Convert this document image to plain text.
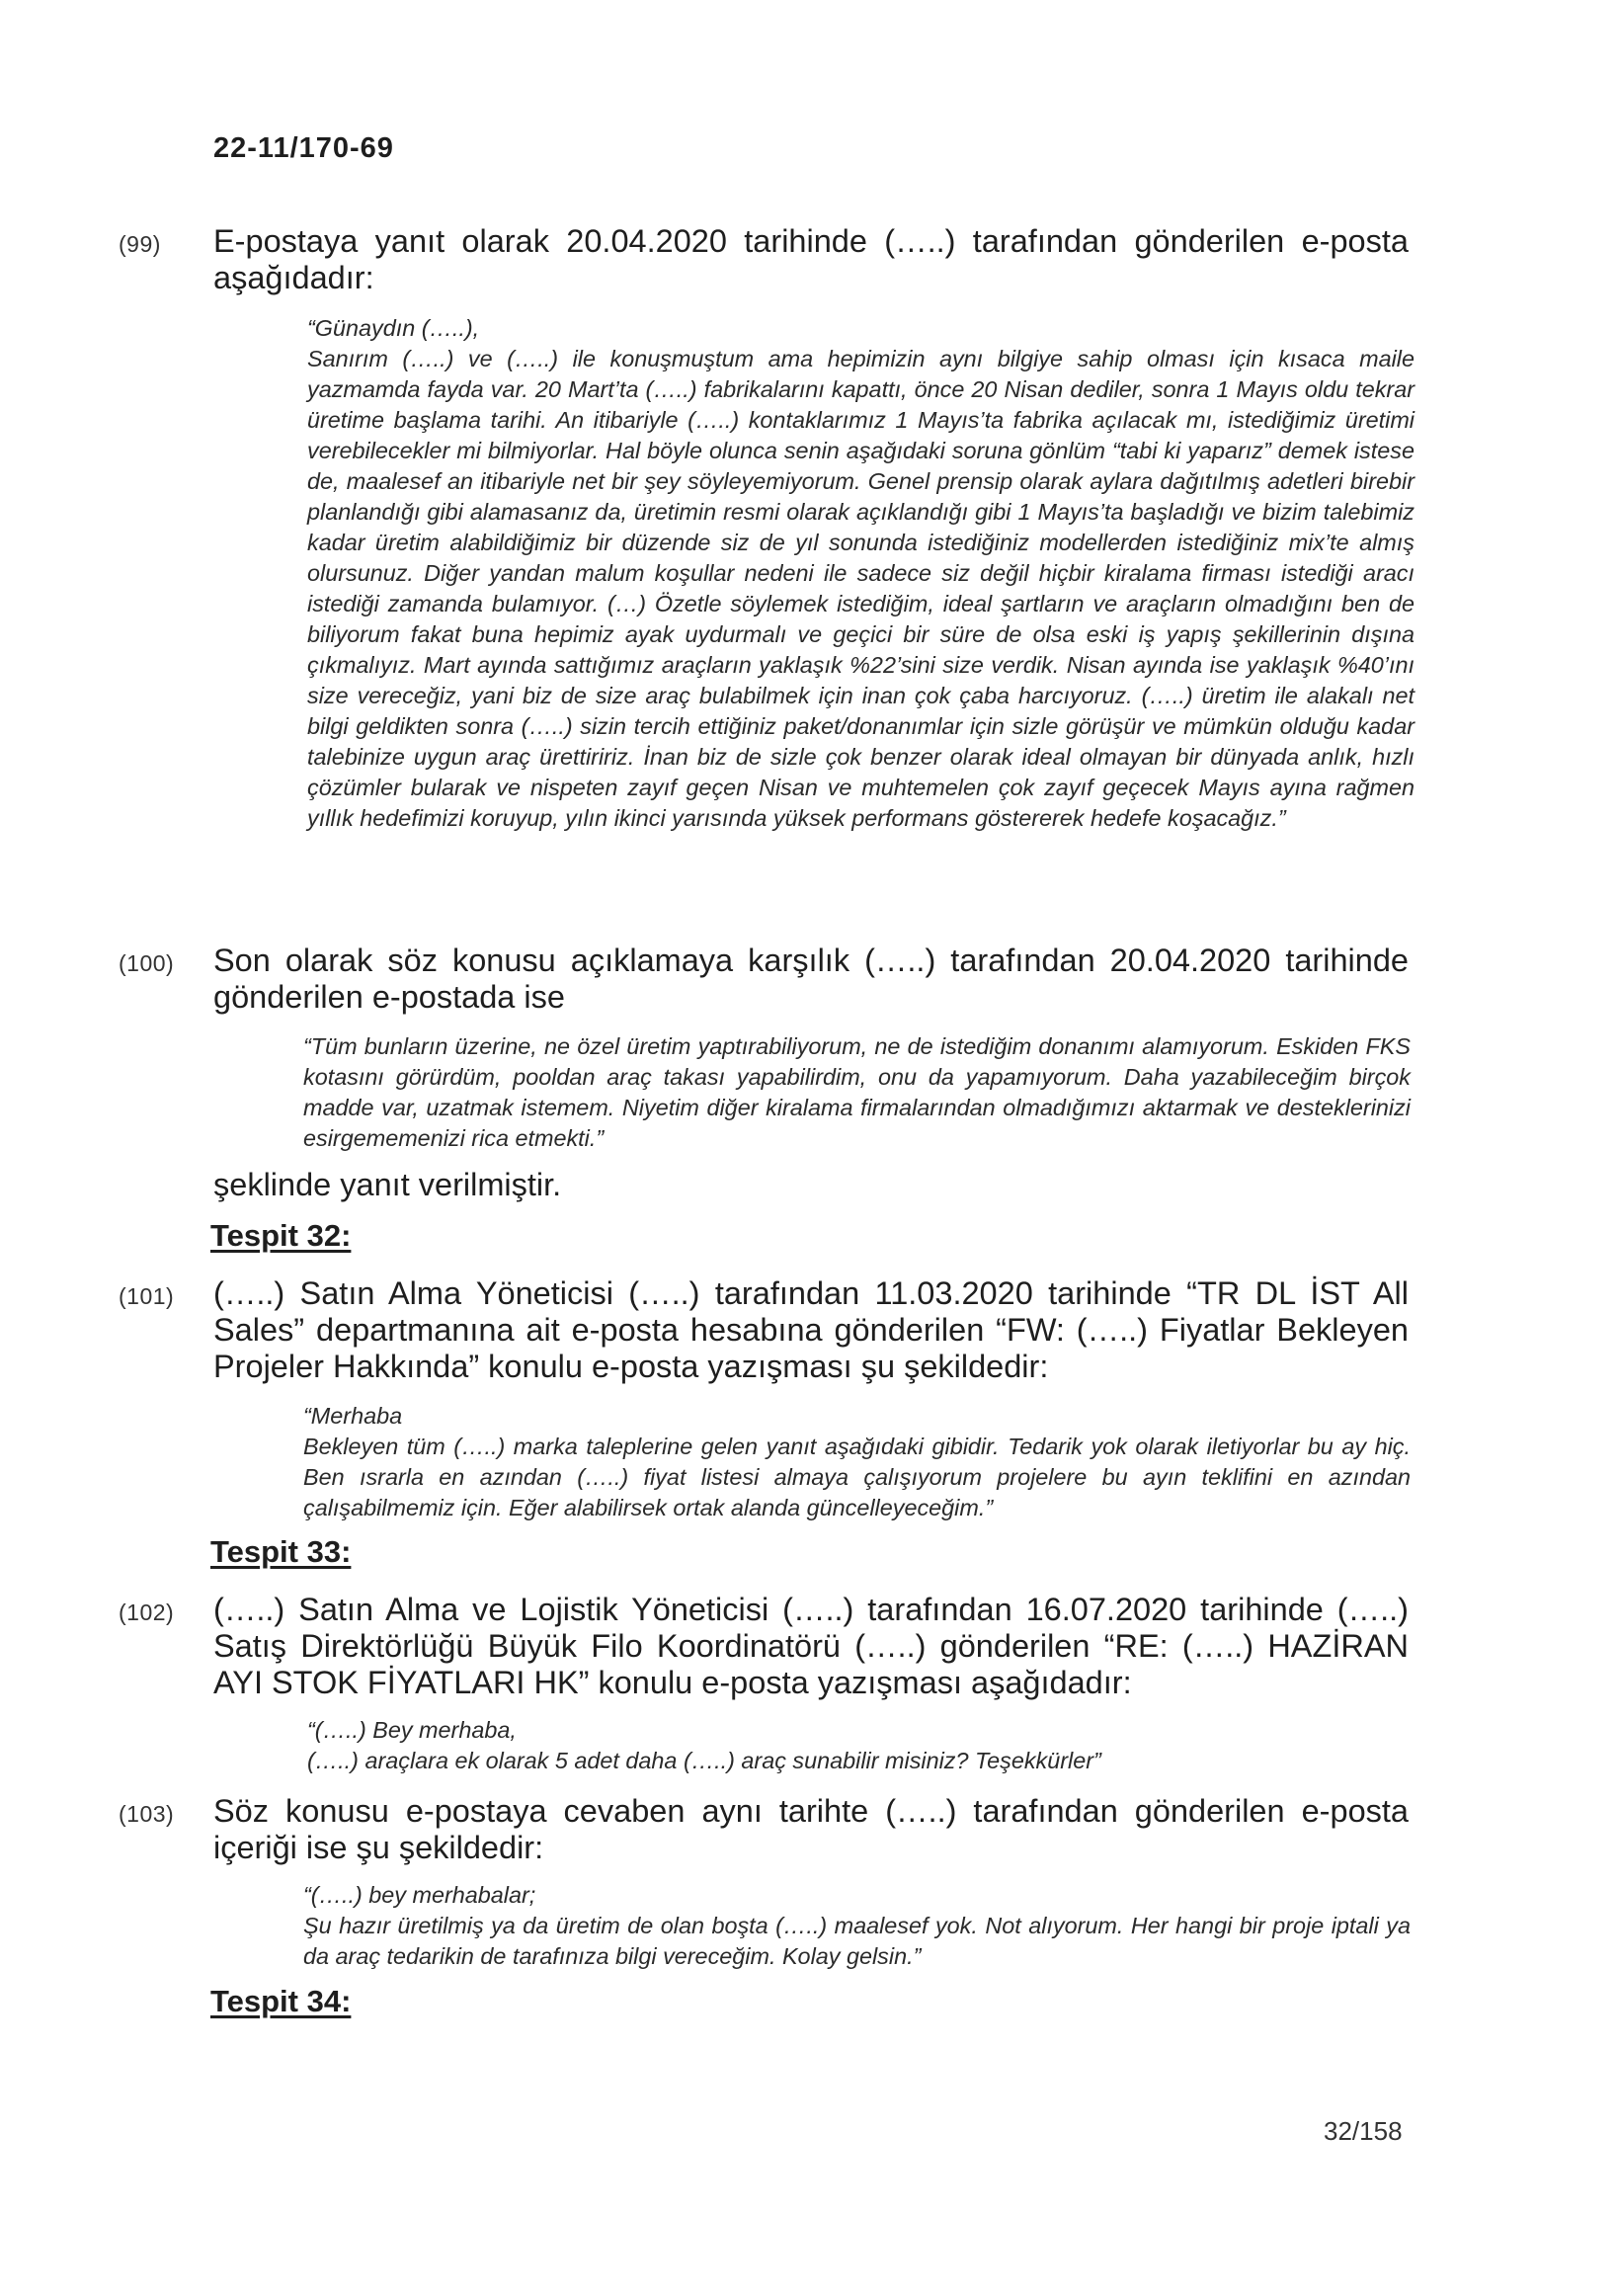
22-11/170-69
(99) E-postaya yanıt olarak 20.04.2020 tarihinde (…..) tarafından gönderilen e-posta aşağıdadır:

“Günaydın (…..),

Sanırım (…..) ve (…..) ile konuşmuştum ama hepimizin aynı bilgiye sahip olması için kısaca maile yazmamda fayda var. 20 Mart’ta (…..) fabrikalarını kapattı, önce 20 Nisan dediler, sonra 1 Mayıs oldu tekrar üretime başlama tarihi. An itibariyle (…..) kontaklarımız 1 Mayıs’ta fabrika açılacak mı, istediğimiz üretimi verebilecekler mi bilmiyorlar. Hal böyle olunca senin aşağıdaki soruna gönlüm “tabi ki yaparız” demek istese de, maalesef an itibariyle net bir şey söyleyemiyorum. Genel prensip olarak aylara dağıtılmış adetleri birebir planlandığı gibi alamasanız da, üretimin resmi olarak açıklandığı gibi 1 Mayıs’ta başladığı ve bizim talebimiz kadar üretim alabildiğimiz bir düzende siz de yıl sonunda istediğiniz modellerden istediğiniz mix’te almış olursunuz. Diğer yandan malum koşullar nedeni ile sadece siz değil hiçbir kiralama firması istediği aracı istediği zamanda bulamıyor. (…) Özetle söylemek istediğim, ideal şartların ve araçların olmadığını ben de biliyorum fakat buna hepimiz ayak uydurmalı ve geçici bir süre de olsa eski iş yapış şekillerinin dışına çıkmalıyız. Mart ayında sattığımız araçların yaklaşık %22’sini size verdik. Nisan ayında ise yaklaşık %40’ını size vereceğiz, yani biz de size araç bulabilmek için inan çok çaba harcıyoruz. (…..) üretim ile alakalı net bilgi geldikten sonra (…..) sizin tercih ettiğiniz paket/donanımlar için sizle görüşür ve mümkün olduğu kadar talebinize uygun araç ürettiririz. İnan biz de sizle çok benzer olarak ideal olmayan bir dünyada anlık, hızlı çözümler bularak ve nispeten zayıf geçen Nisan ve muhtemelen çok zayıf geçecek Mayıs ayına rağmen yıllık hedefimizi koruyup, yılın ikinci yarısında yüksek performans göstererek hedefe koşacağız.”

(100) Son olarak söz konusu açıklamaya karşılık (…..) tarafından 20.04.2020 tarihinde gönderilen e-postada ise

“Tüm bunların üzerine, ne özel üretim yaptırabiliyorum, ne de istediğim donanımı alamıyorum. Eskiden FKS kotasını görürdüm, pooldan araç takası yapabilirdim, onu da yapamıyorum. Daha yazabileceğim birçok madde var, uzatmak istemem. Niyetim diğer kiralama firmalarından olmadığımızı aktarmak ve desteklerinizi esirgememenizi rica etmekti.”

şeklinde yanıt verilmiştir.
Tespit 32:
(101) (…..) Satın Alma Yöneticisi (…..) tarafından 11.03.2020 tarihinde “TR DL İST All Sales” departmanına ait e-posta hesabına gönderilen “FW: (…..) Fiyatlar Bekleyen Projeler Hakkında” konulu e-posta yazışması şu şekildedir:

“Merhaba

Bekleyen tüm (…..) marka taleplerine gelen yanıt aşağıdaki gibidir. Tedarik yok olarak iletiyorlar bu ay hiç. Ben ısrarla en azından (…..) fiyat listesi almaya çalışıyorum projelere bu ayın teklifini en azından çalışabilmemiz için. Eğer alabilirsek ortak alanda güncelleyeceğim.”

Tespit 33:
(102) (…..) Satın Alma ve Lojistik Yöneticisi (…..) tarafından 16.07.2020 tarihinde (…..) Satış Direktörlüğü Büyük Filo Koordinatörü (…..) gönderilen “RE: (…..) HAZİRAN AYI STOK FİYATLARI HK” konulu e-posta yazışması aşağıdadır:

“(…..) Bey merhaba,

(…..) araçlara ek olarak 5 adet daha (…..) araç sunabilir misiniz? Teşekkürler”

(103) Söz konusu e-postaya cevaben aynı tarihte (…..) tarafından gönderilen e-posta içeriği ise şu şekildedir:

“(…..) bey merhabalar;

Şu hazır üretilmiş ya da üretim de olan boşta (…..) maalesef yok. Not alıyorum. Her hangi bir proje iptali ya da araç tedarikin de tarafınıza bilgi vereceğim. Kolay gelsin.”

Tespit 34:
32/158
